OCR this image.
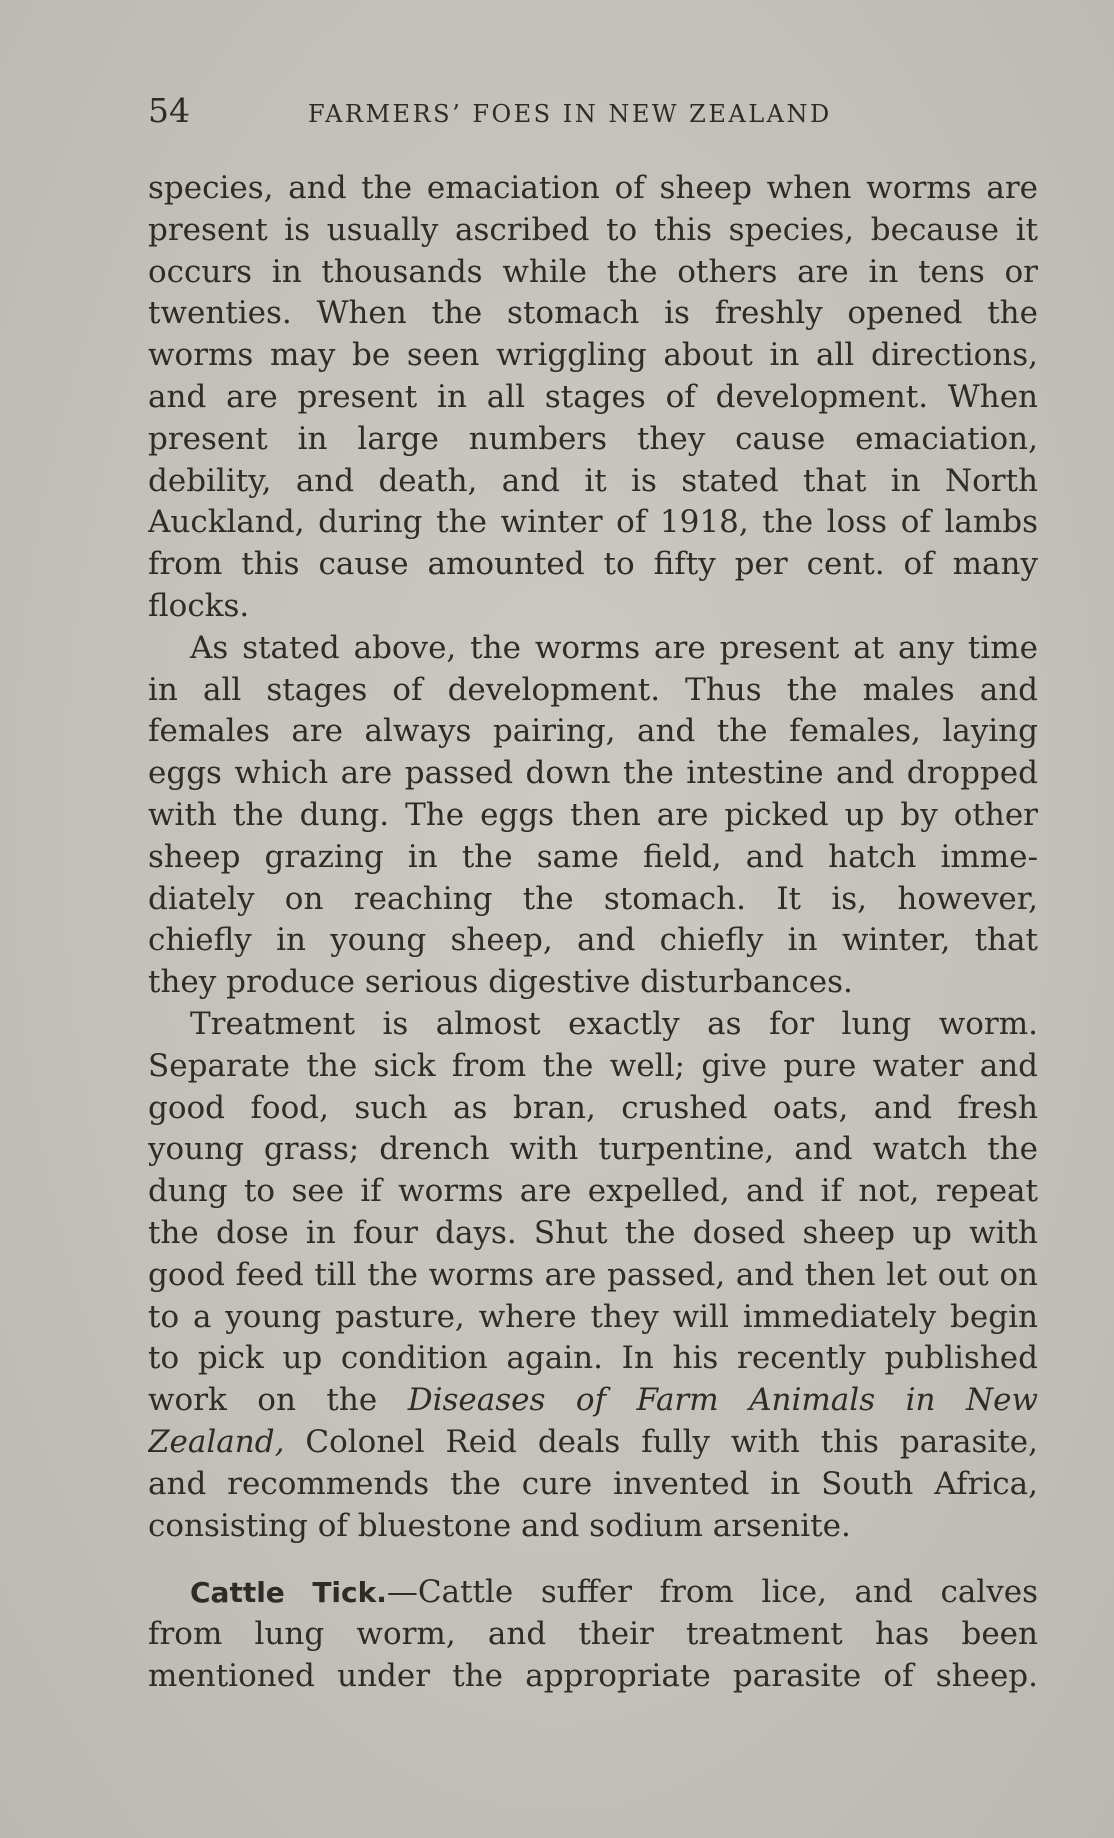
54	FARMERS’ FOES IN NEW ZEALAND
species, and the emaciation of sheep when worms are
present is usually ascribed to this species, because it
occurs in thousands while the others are in tens or
twenties. When the stomach is freshly opened the
worms may be seen wriggling about in all directions,
and are present in all stages of development. When
present in large numbers they cause emaciation,
debility, and death, and it is stated that in North
Auckland, during the winter of 1918, the loss of lambs
from this cause amounted to fifty per cent. of many
flocks.
As stated above, the worms are present at any time
in all stages of development. Thus the males and
females are always pairing, and the females, laying
eggs which are passed down the intestine and dropped
with the dung. The eggs then are picked up by other
sheep grazing in the same field, and hatch imme-
diately on reaching the stomach. It is, however,
chiefly in young sheep, and chiefly in winter, that
they produce serious digestive disturbances.
Treatment is almost exactly as for lung worm.
Separate the sick from the well; give pure water and
good food, such as bran, crushed oats, and fresh
young grass; drench with turpentine, and watch the
dung to see if worms are expelled, and if not, repeat
the dose in four days. Shut the dosed sheep up with
good feed till the worms are passed, and then let out on
to a young pasture, where they will immediately begin
to pick up condition again. In his recently published
work on the Diseases of Farm Animals in New
Zealand, Colonel Reid deals fully with this parasite,
and recommends the cure invented in South Africa,
consisting of bluestone and sodium arsenite.
Cattle Tick.—Cattle suffer from lice, and calves
from lung worm, and their treatment has been
mentioned under the appropriate parasite of sheep.
